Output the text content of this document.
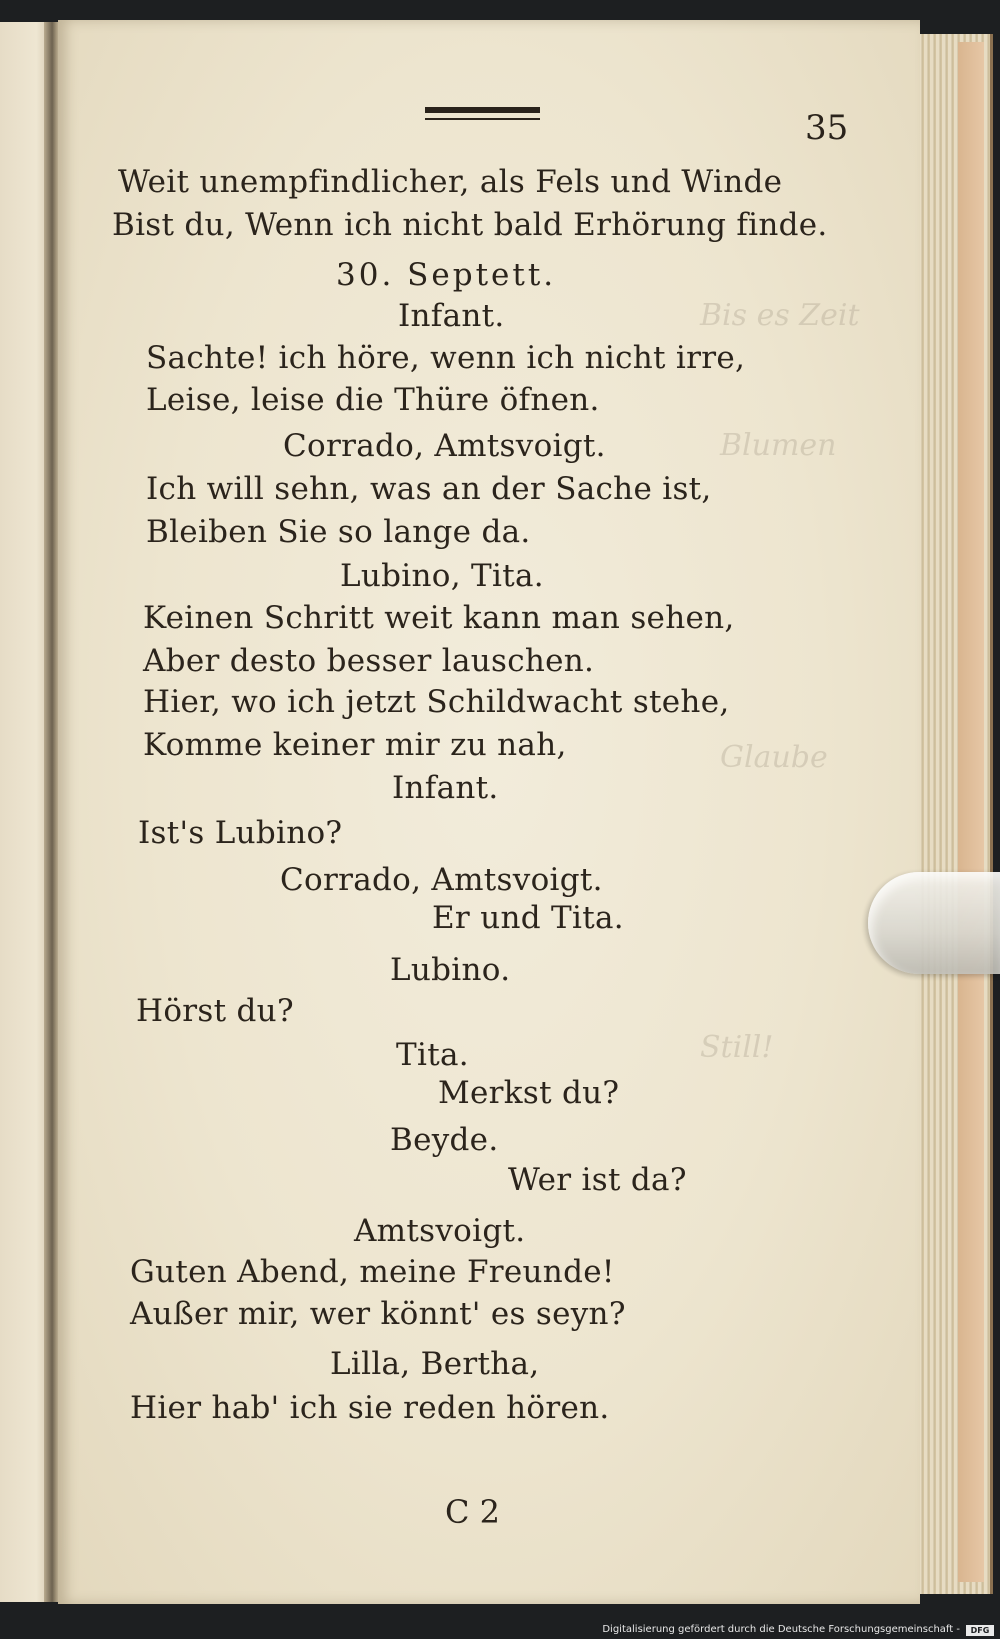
Bis es Zeit
Blumen
Glaube
Still!
35
Weit unempfindlicher, als Fels und Winde
Bist du, Wenn ich nicht bald Erhörung finde.
30. Septett.
Infant.
Sachte! ich höre, wenn ich nicht irre,
Leise, leise die Thüre öfnen.
Corrado, Amtsvoigt.
Ich will sehn, was an der Sache ist,
Bleiben Sie so lange da.
Lubino, Tita.
Keinen Schritt weit kann man sehen,
Aber desto besser lauschen.
Hier, wo ich jetzt Schildwacht stehe,
Komme keiner mir zu nah,
Infant.
Ist's Lubino?
Corrado, Amtsvoigt.
Er und Tita.
Lubino.
Hörst du?
Tita.
Merkst du?
Beyde.
Wer ist da?
Amtsvoigt.
Guten Abend, meine Freunde!
Außer mir, wer könnt' es seyn?
Lilla, Bertha,
Hier hab' ich sie reden hören.
C 2
Digitalisierung gefördert durch die Deutsche Forschungsgemeinschaft -	DFG
